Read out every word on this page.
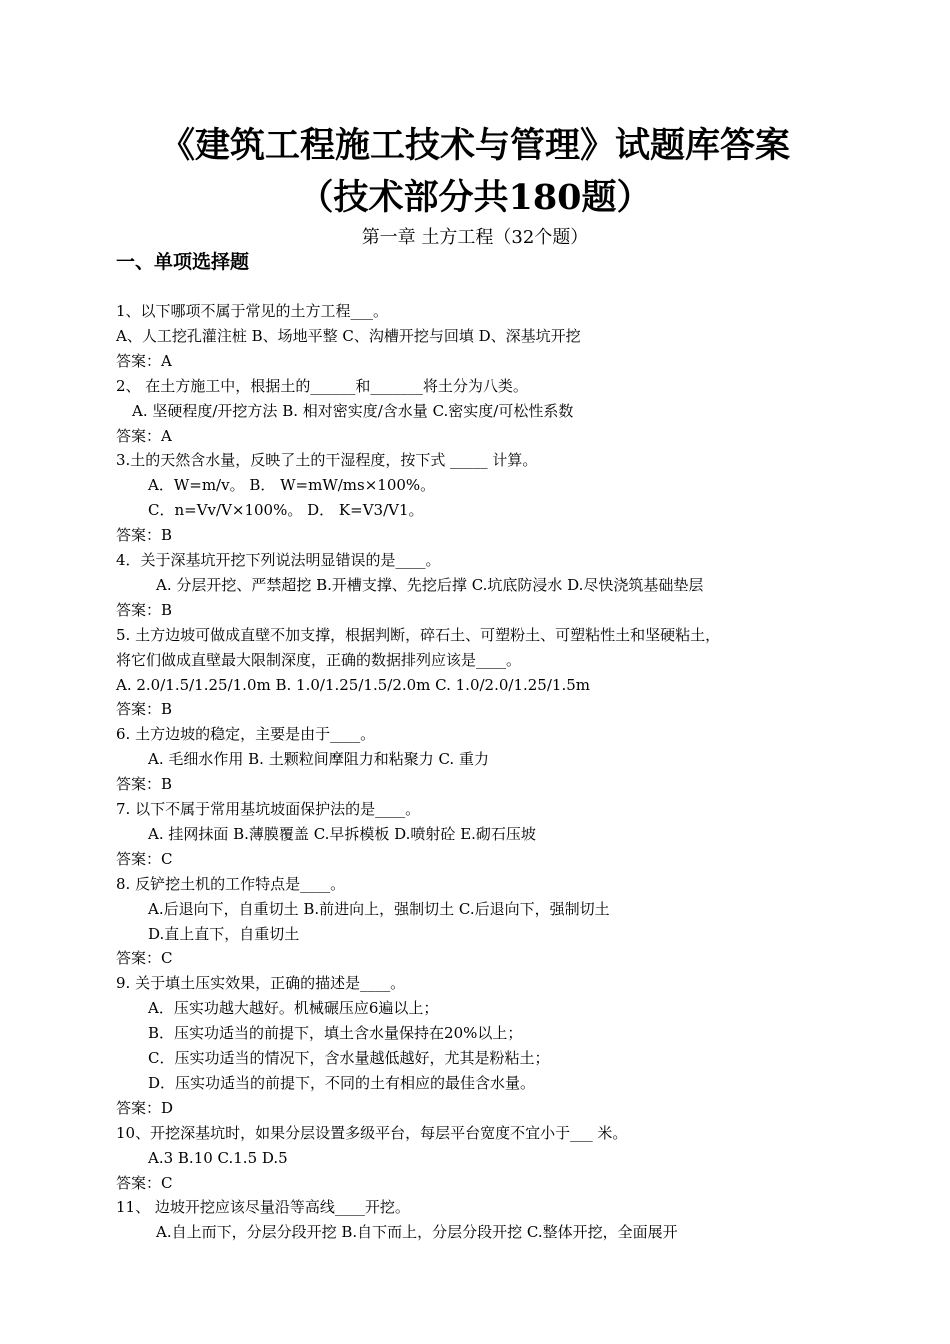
《建筑工程施工技术与管理》试题库答案
（技术部分共180题）
第一章 土方工程（32个题）
一、单项选择题
1、以下哪项不属于常见的土方工程___。
A、人工挖孔灌注桩 B、场地平整 C、沟槽开挖与回填 D、深基坑开挖
答案：A
2、 在土方施工中，根据土的______和_______将土分为八类。
A. 坚硬程度/开挖方法 B. 相对密实度/含水量 C.密实度/可松性系数
答案：A
3.土的天然含水量，反映了土的干湿程度，按下式 _____ 计算。
A．W=m/v。 B． W=mW/ms×100%。
C．n=Vv/V×100%。 D． K=V3/V1。
答案：B
4．关于深基坑开挖下列说法明显错误的是____。
A. 分层开挖、严禁超挖 B.开槽支撑、先挖后撑 C.坑底防浸水 D.尽快浇筑基础垫层
答案：B
5. 土方边坡可做成直壁不加支撑，根据判断，碎石土、可塑粉土、可塑粘性土和坚硬粘土，
将它们做成直壁最大限制深度，正确的数据排列应该是____。
A. 2.0/1.5/1.25/1.0m B. 1.0/1.25/1.5/2.0m C. 1.0/2.0/1.25/1.5m
答案：B
6. 土方边坡的稳定，主要是由于____。
A. 毛细水作用 B. 土颗粒间摩阻力和粘聚力 C. 重力
答案：B
7. 以下不属于常用基坑坡面保护法的是____。
A. 挂网抹面 B.薄膜覆盖 C.早拆模板 D.喷射砼 E.砌石压坡
答案：C
8. 反铲挖土机的工作特点是____。
A.后退向下，自重切土 B.前进向上，强制切土 C.后退向下，强制切土
D.直上直下，自重切土
答案：C
9. 关于填土压实效果，正确的描述是____。
A．压实功越大越好。机械碾压应6遍以上；
B．压实功适当的前提下，填土含水量保持在20%以上；
C．压实功适当的情况下，含水量越低越好，尤其是粉粘土；
D．压实功适当的前提下，不同的土有相应的最佳含水量。
答案：D
10、开挖深基坑时，如果分层设置多级平台，每层平台宽度不宜小于___ 米。
A.3 B.10 C.1.5 D.5
答案：C
11、 边坡开挖应该尽量沿等高线____开挖。
A.自上而下，分层分段开挖 B.自下而上，分层分段开挖 C.整体开挖，全面展开
